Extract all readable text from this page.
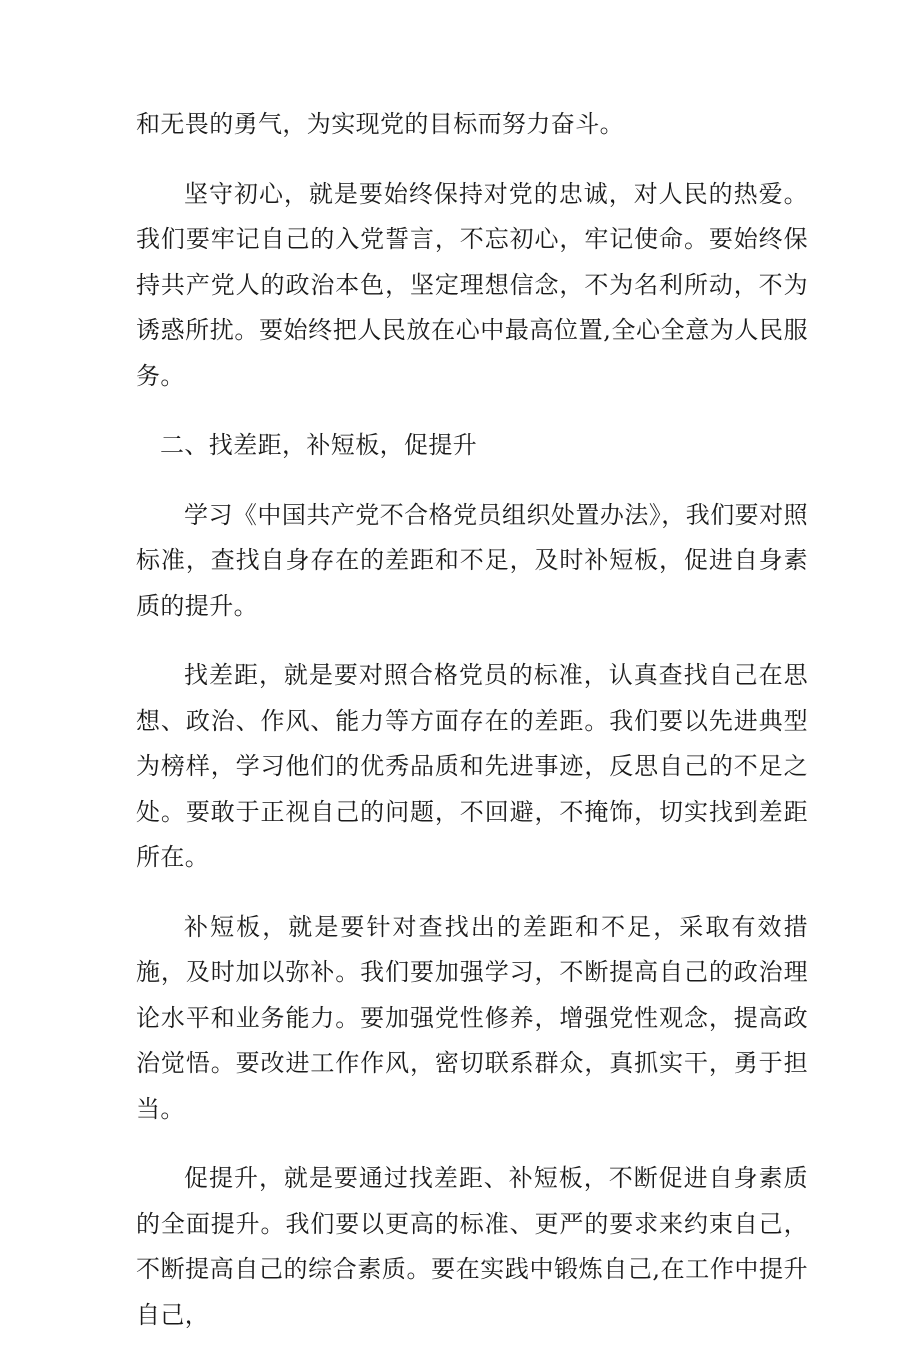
和无畏的勇气，为实现党的目标而努力奋斗。

坚守初心，就是要始终保持对党的忠诚，对人民的热爱。我们要牢记自己的入党誓言，不忘初心，牢记使命。要始终保持共产党人的政治本色，坚定理想信念，不为名利所动，不为诱惑所扰。要始终把人民放在心中最高位置,全心全意为人民服务。

二、找差距，补短板，促提升

学习《中国共产党不合格党员组织处置办法》，我们要对照标准，查找自身存在的差距和不足，及时补短板，促进自身素质的提升。

找差距，就是要对照合格党员的标准，认真查找自己在思想、政治、作风、能力等方面存在的差距。我们要以先进典型为榜样，学习他们的优秀品质和先进事迹，反思自己的不足之处。要敢于正视自己的问题，不回避，不掩饰，切实找到差距所在。

补短板，就是要针对查找出的差距和不足，采取有效措施，及时加以弥补。我们要加强学习，不断提高自己的政治理论水平和业务能力。要加强党性修养，增强党性观念，提高政治觉悟。要改进工作作风，密切联系群众，真抓实干，勇于担当。

促提升，就是要通过找差距、补短板，不断促进自身素质的全面提升。我们要以更高的标准、更严的要求来约束自己，不断提高自己的综合素质。要在实践中锻炼自己,在工作中提升自己，
